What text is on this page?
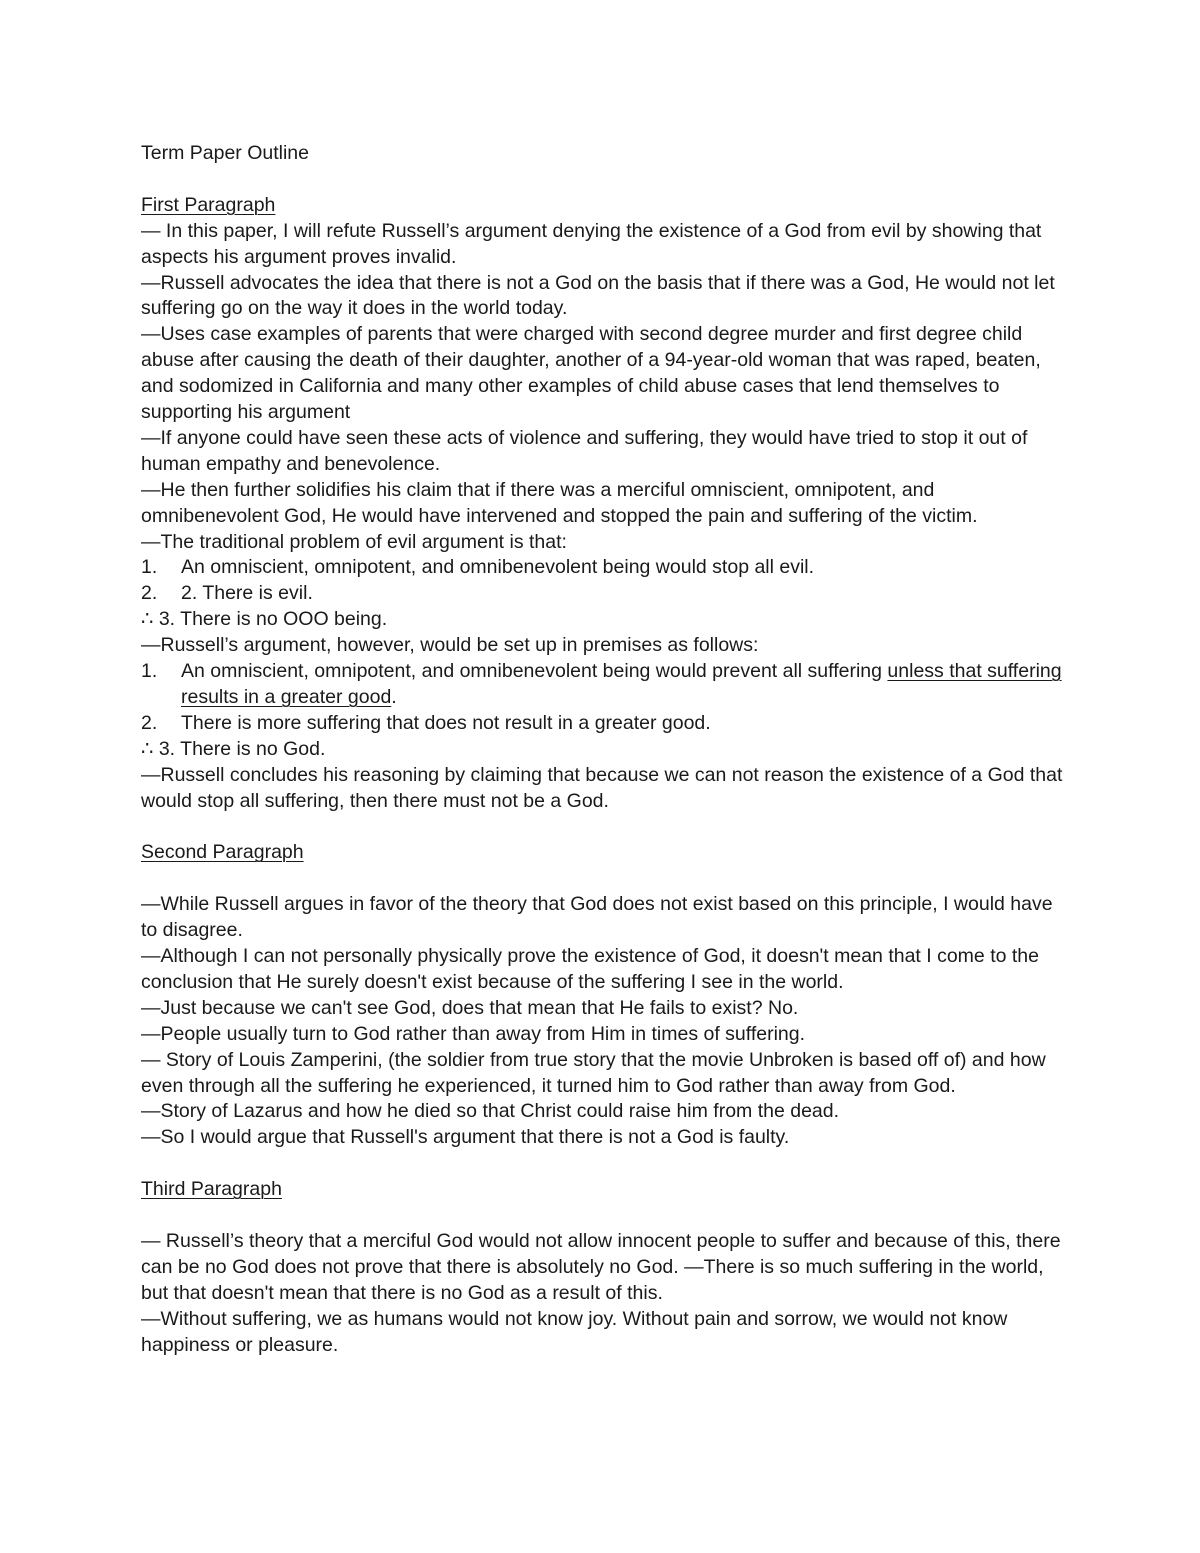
Term Paper Outline

First Paragraph

— In this paper, I will refute Russell’s argument denying the existence of a God from evil by showing that aspects his argument proves invalid.

—Russell advocates the idea that there is not a God on the basis that if there was a God, He would not let suffering go on the way it does in the world today.

—Uses case examples of parents that were charged with second degree murder and first degree child abuse after causing the death of their daughter, another of a 94-year-old woman that was raped, beaten, and sodomized in California and many other examples of child abuse cases that lend themselves to supporting his argument

—If anyone could have seen these acts of violence and suffering, they would have tried to stop it out of human empathy and benevolence.

—He then further solidifies his claim that if there was a merciful omniscient, omnipotent, and omnibenevolent God, He would have intervened and stopped the pain and suffering of the victim.

—The traditional problem of evil argument is that:

1.	An omniscient, omnipotent, and omnibenevolent being would stop all evil.
2.	2. There is evil.

∴ 3. There is no OOO being.

—Russell’s argument, however, would be set up in premises as follows:

1.	An omniscient, omnipotent, and omnibenevolent being would prevent all suffering unless that suffering results in a greater good.
2.	There is more suffering that does not result in a greater good.

∴ 3. There is no God.

—Russell concludes his reasoning by claiming that because we can not reason the existence of a God that would stop all suffering, then there must not be a God.

Second Paragraph

—While Russell argues in favor of the theory that God does not exist based on this principle, I would have to disagree.

—Although I can not personally physically prove the existence of God, it doesn't mean that I come to the conclusion that He surely doesn't exist because of the suffering I see in the world.

—Just because we can't see God, does that mean that He fails to exist? No.

—People usually turn to God rather than away from Him in times of suffering.

— Story of Louis Zamperini, (the soldier from true story that the movie Unbroken is based off of) and how even through all the suffering he experienced, it turned him to God rather than away from God.

—Story of Lazarus and how he died so that Christ could raise him from the dead.

—So I would argue that Russell's argument that there is not a God is faulty.

Third Paragraph

— Russell’s theory that a merciful God would not allow innocent people to suffer and because of this, there can be no God does not prove that there is absolutely no God. —There is so much suffering in the world, but that doesn't mean that there is no God as a result of this.

—Without suffering, we as humans would not know joy. Without pain and sorrow, we would not know happiness or pleasure.
